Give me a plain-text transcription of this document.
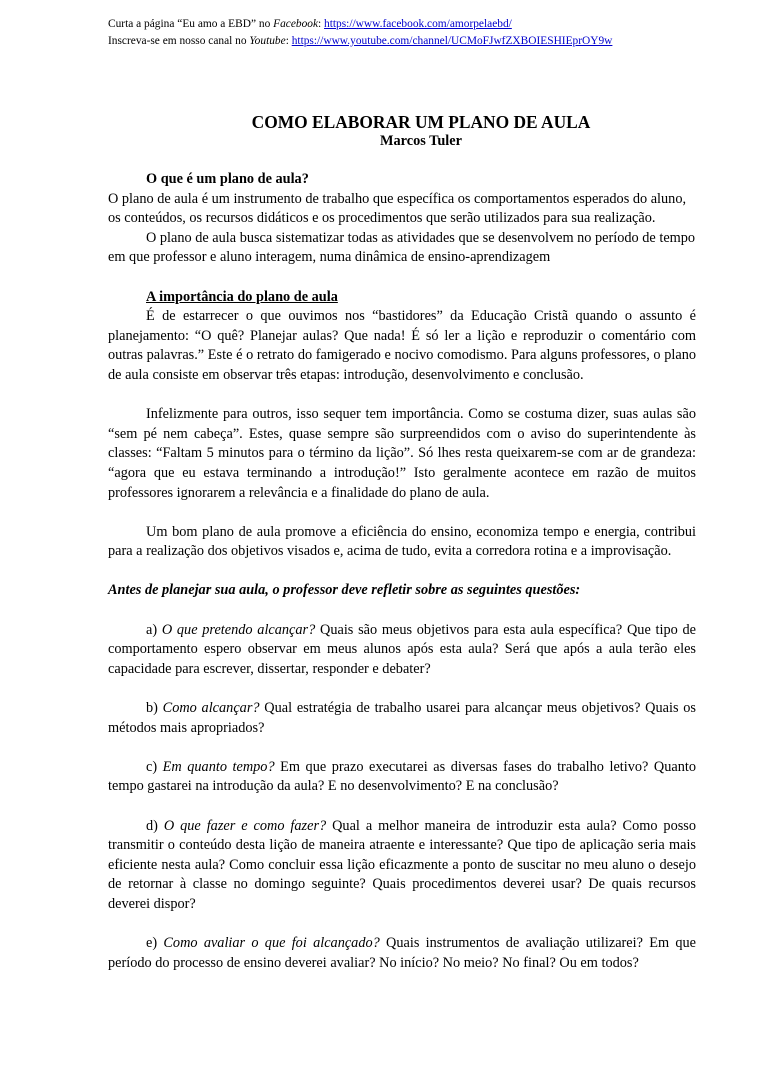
Curta a página “Eu amo a EBD” no Facebook: https://www.facebook.com/amorpelaebd/
Inscreva-se em nosso canal no Youtube: https://www.youtube.com/channel/UCMoFJwfZXBOIESHIEprOY9w
COMO ELABORAR UM PLANO DE AULA
Marcos Tuler

O que é um plano de aula?

O plano de aula é um instrumento de trabalho que específica os comportamentos esperados do aluno, os conteúdos, os recursos didáticos e os procedimentos que serão utilizados para sua realização.

O plano de aula busca sistematizar todas as atividades que se desenvolvem no período de tempo em que professor e aluno interagem, numa dinâmica de ensino-aprendizagem

A importância do plano de aula

É de estarrecer o que ouvimos nos “bastidores” da Educação Cristã quando o assunto é planejamento: “O quê? Planejar aulas? Que nada! É só ler a lição e reproduzir o comentário com outras palavras.” Este é o retrato do famigerado e nocivo comodismo. Para alguns professores, o plano de aula consiste em observar três etapas: introdução, desenvolvimento e conclusão.

Infelizmente para outros, isso sequer tem importância. Como se costuma dizer, suas aulas são “sem pé nem cabeça”. Estes, quase sempre são surpreendidos com o aviso do superintendente às classes: “Faltam 5 minutos para o término da lição”. Só lhes resta queixarem-se com ar de grandeza: “agora que eu estava terminando a introdução!” Isto geralmente acontece em razão de muitos professores ignorarem a relevância e a finalidade do plano de aula.

Um bom plano de aula promove a eficiência do ensino, economiza tempo e energia, contribui para a realização dos objetivos visados e, acima de tudo, evita a corredora rotina e a improvisação.

Antes de planejar sua aula, o professor deve refletir sobre as seguintes questões:

a) O que pretendo alcançar? Quais são meus objetivos para esta aula específica? Que tipo de comportamento espero observar em meus alunos após esta aula? Será que após a aula terão eles capacidade para escrever, dissertar, responder e debater?

b) Como alcançar? Qual estratégia de trabalho usarei para alcançar meus objetivos? Quais os métodos mais apropriados?

c) Em quanto tempo? Em que prazo executarei as diversas fases do trabalho letivo? Quanto tempo gastarei na introdução da aula? E no desenvolvimento? E na conclusão?

d) O que fazer e como fazer? Qual a melhor maneira de introduzir esta aula? Como posso transmitir o conteúdo desta lição de maneira atraente e interessante? Que tipo de aplicação seria mais eficiente nesta aula? Como concluir essa lição eficazmente a ponto de suscitar no meu aluno o desejo de retornar à classe no domingo seguinte? Quais procedimentos deverei usar? De quais recursos deverei dispor?

e) Como avaliar o que foi alcançado? Quais instrumentos de avaliação utilizarei? Em que período do processo de ensino deverei avaliar? No início? No meio? No final? Ou em todos?
